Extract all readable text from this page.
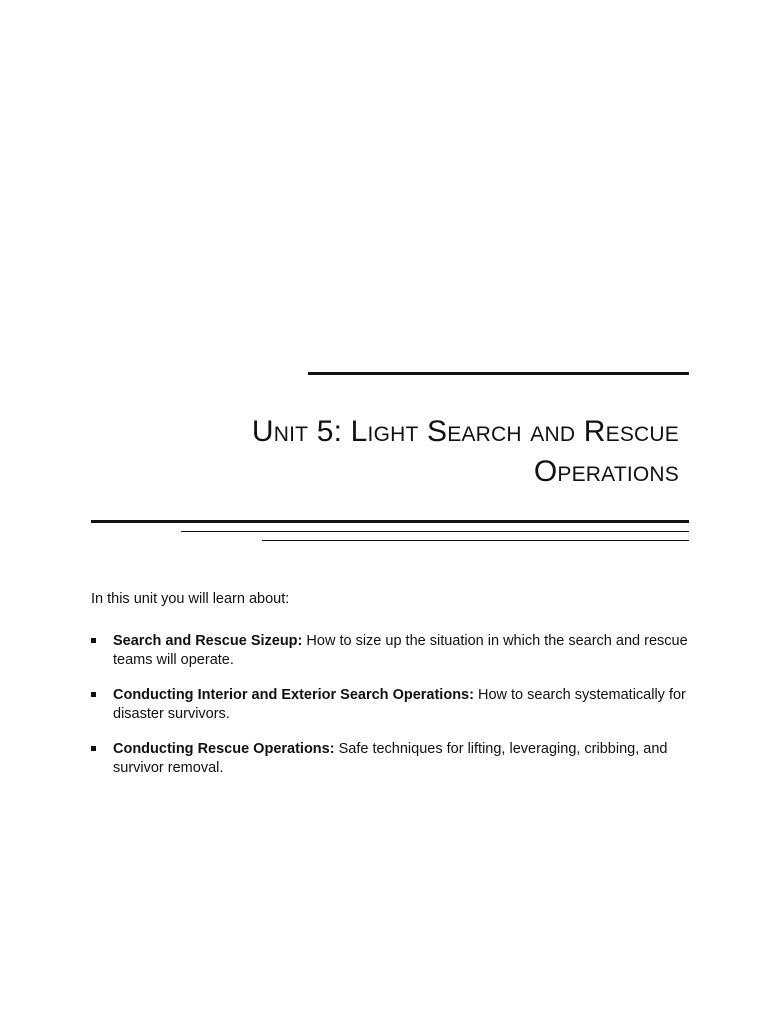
Unit 5: Light Search and Rescue
Operations

In this unit you will learn about:

Search and Rescue Sizeup: How to size up the situation in which the search and rescue teams will operate.
Conducting Interior and Exterior Search Operations: How to search systematically for disaster survivors.
Conducting Rescue Operations: Safe techniques for lifting, leveraging, cribbing, and survivor removal.
